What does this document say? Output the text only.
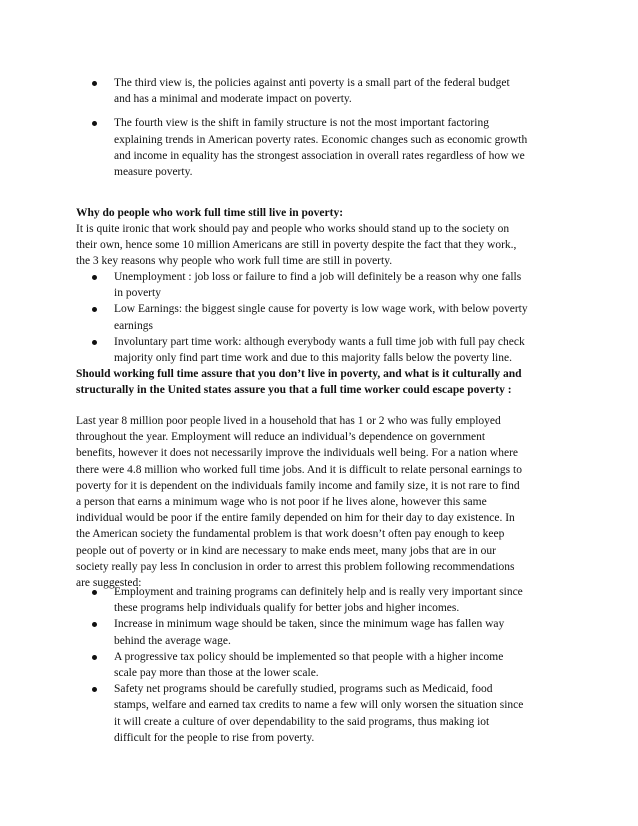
The third view is, the policies against anti poverty is a small part of the federal budget
and has a minimal and moderate impact on poverty.
The fourth view is the shift in family structure is not the most important factoring
explaining trends in American poverty rates. Economic changes such as economic growth
and income in equality has the strongest association in overall rates regardless of how we
measure poverty.
Why do people who work full time still live in poverty:
It is quite ironic that work should pay and people who works should stand up to the society on
their own, hence some 10 million Americans are still in poverty despite the fact that they work.,
the 3 key reasons why people who work full time are still in poverty.
Unemployment : job loss or failure to find a job will definitely be a reason why one falls
in poverty
Low Earnings: the biggest single cause for poverty is low wage work, with below poverty
earnings
Involuntary part time work: although everybody wants a full time job with full pay check
majority only find part time work and due to this majority falls below the poverty line.
Should working full time assure that you don’t live in poverty, and what is it culturally and
structurally in the United states assure you that a full time worker could escape poverty :
Last year 8 million poor people lived in a household that has 1 or 2 who was fully employed
throughout the year. Employment will reduce an individual’s dependence on government
benefits, however it does not necessarily improve the individuals well being. For a nation where
there were 4.8 million who worked full time jobs. And it is difficult to relate personal earnings to
poverty for it is dependent on the individuals family income and family size, it is not rare to find
a person that earns a minimum wage who is not poor if he lives alone, however this same
individual would be poor if the entire family depended on him for their day to day existence. In
the American society the fundamental problem is that work doesn’t often pay enough to keep
people out of poverty or in kind are necessary to make ends meet, many jobs that are in our
society really pay less In conclusion in order to arrest this problem following recommendations
are suggested:
Employment and training programs can definitely help and is really very important since
these programs help individuals qualify for better jobs and higher incomes.
Increase in minimum wage should be taken, since the minimum wage has fallen way
behind the average wage.
A progressive tax policy should be implemented so that people with a higher income
scale pay more than those at the lower scale.
Safety net programs should be carefully studied, programs such as Medicaid, food
stamps, welfare and earned tax credits to name a few will only worsen the situation since
it will create a culture of over dependability to the said programs, thus making iot
difficult for the people to rise from poverty.
